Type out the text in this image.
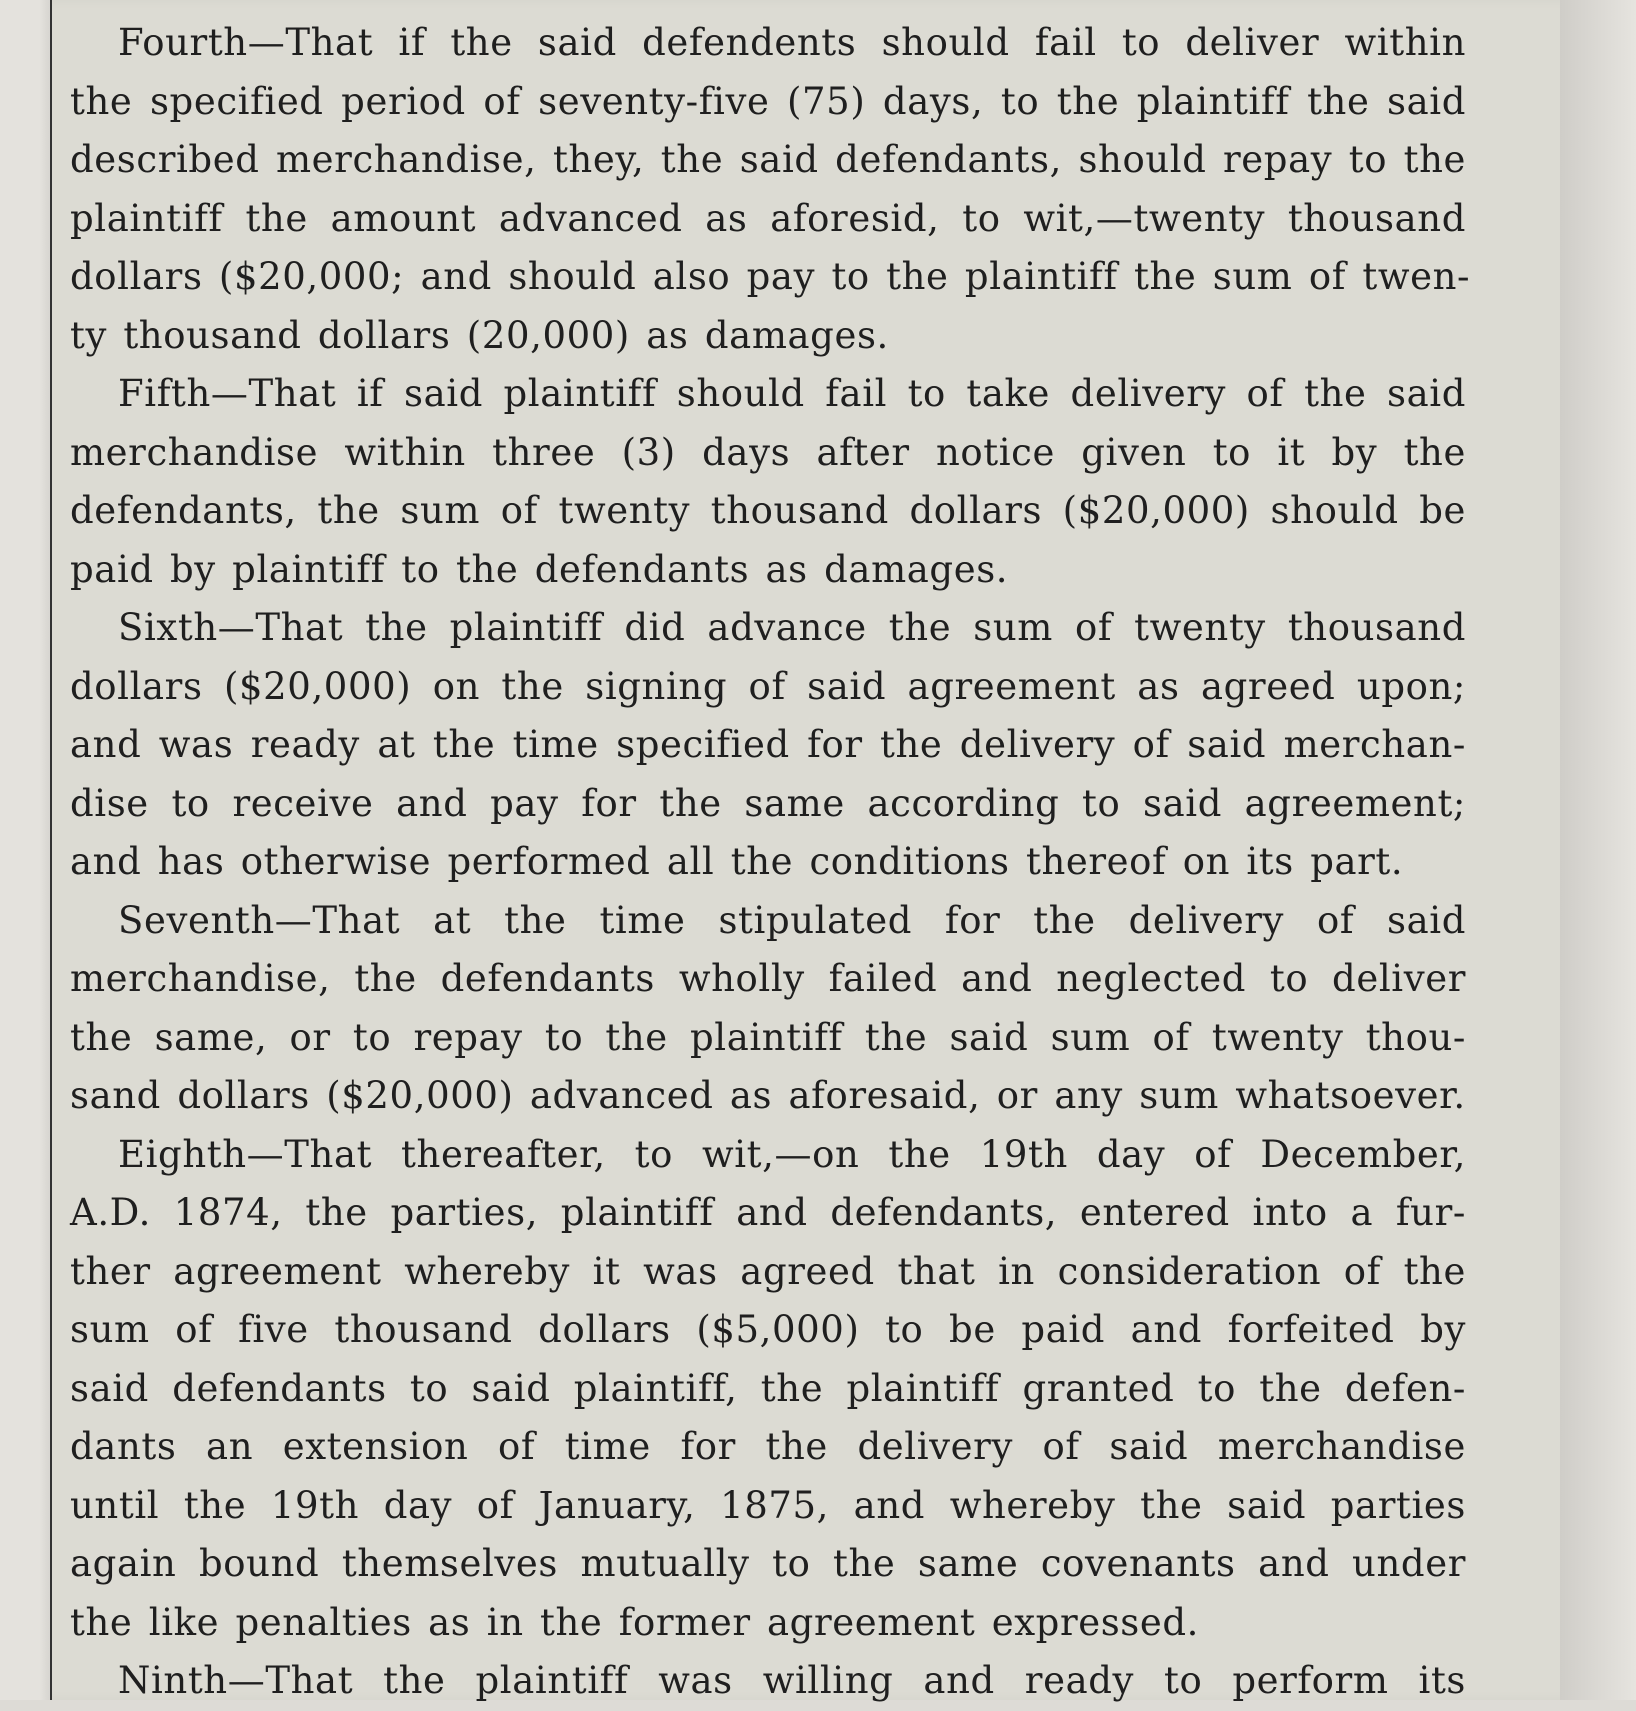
Fourth—That if the said defendents should fail to deliver within
the specified period of seventy-five (75) days, to the plaintiff the said
described merchandise, they, the said defendants, should repay to the
plaintiff the amount advanced as aforesid, to wit,—twenty thousand
dollars ($20,000; and should also pay to the plaintiff the sum of twen-
ty thousand dollars (20,000) as damages.
Fifth—That if said plaintiff should fail to take delivery of the said
merchandise within three (3) days after notice given to it by the
defendants, the sum of twenty thousand dollars ($20,000) should be
paid by plaintiff to the defendants as damages.
Sixth—That the plaintiff did advance the sum of twenty thousand
dollars ($20,000) on the signing of said agreement as agreed upon;
and was ready at the time specified for the delivery of said merchan-
dise to receive and pay for the same according to said agreement;
and has otherwise performed all the conditions thereof on its part.
Seventh—That at the time stipulated for the delivery of said
merchandise, the defendants wholly failed and neglected to deliver
the same, or to repay to the plaintiff the said sum of twenty thou-
sand dollars ($20,000) advanced as aforesaid, or any sum whatsoever.
Eighth—That thereafter, to wit,—on the 19th day of December,
A.D. 1874, the parties, plaintiff and defendants, entered into a fur-
ther agreement whereby it was agreed that in consideration of the
sum of five thousand dollars ($5,000) to be paid and forfeited by
said defendants to said plaintiff, the plaintiff granted to the defen-
dants an extension of time for the delivery of said merchandise
until the 19th day of January, 1875, and whereby the said parties
again bound themselves mutually to the same covenants and under
the like penalties as in the former agreement expressed.
Ninth—That the plaintiff was willing and ready to perform its
